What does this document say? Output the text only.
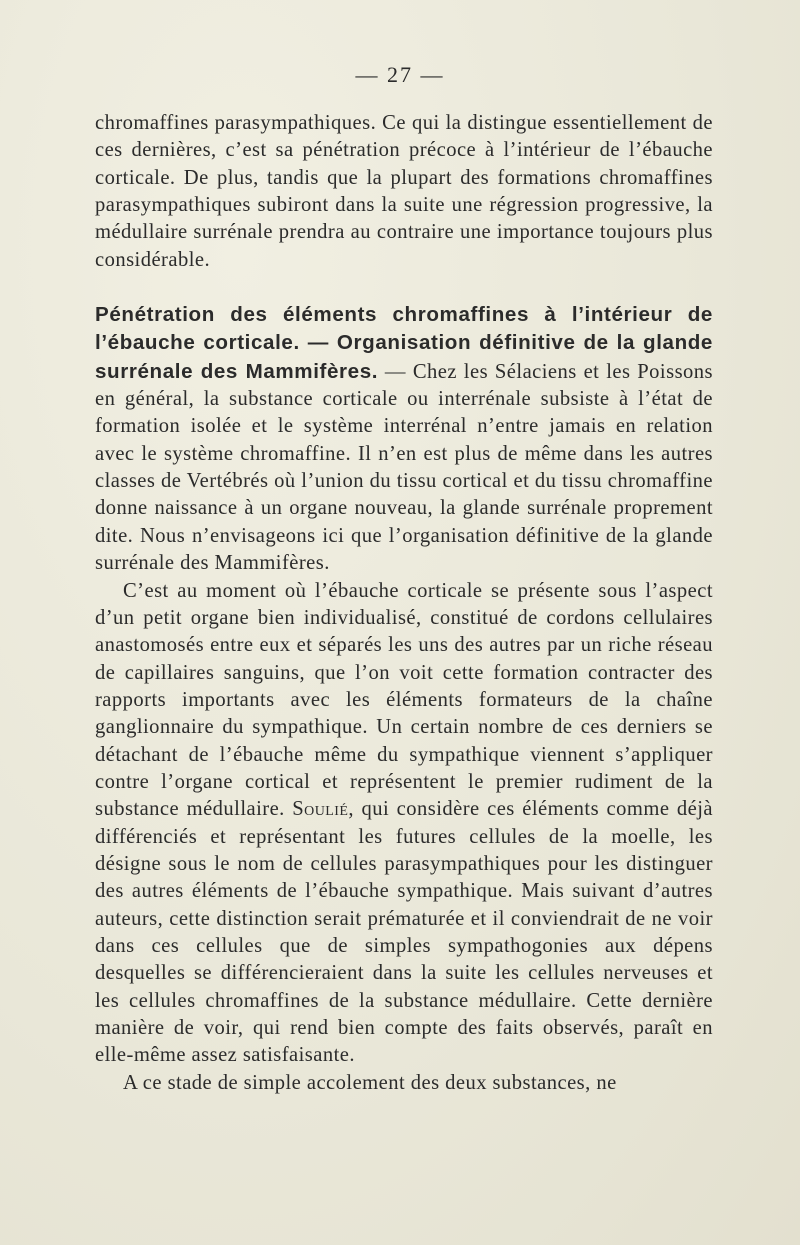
— 27 —

chromaffines parasympathiques. Ce qui la distingue essentiellement de ces dernières, c’est sa pénétration précoce à l’intérieur de l’ébauche corticale. De plus, tandis que la plupart des formations chromaffines parasympathiques subiront dans la suite une régression progressive, la médullaire surrénale prendra au contraire une importance toujours plus considérable.

Pénétration des éléments chromaffines à l’intérieur de l’ébauche corticale. — Organisation définitive de la glande surrénale des Mammifères. — Chez les Sélaciens et les Poissons en général, la substance corticale ou interrénale subsiste à l’état de formation isolée et le système interrénal n’entre jamais en relation avec le système chromaffine. Il n’en est plus de même dans les autres classes de Vertébrés où l’union du tissu cortical et du tissu chromaffine donne naissance à un organe nouveau, la glande surrénale proprement dite. Nous n’envisageons ici que l’organisation définitive de la glande surrénale des Mammifères.

C’est au moment où l’ébauche corticale se présente sous l’aspect d’un petit organe bien individualisé, constitué de cordons cellulaires anastomosés entre eux et séparés les uns des autres par un riche réseau de capillaires sanguins, que l’on voit cette formation contracter des rapports importants avec les éléments formateurs de la chaîne ganglionnaire du sympathique. Un certain nombre de ces derniers se détachant de l’ébauche même du sympathique viennent s’appliquer contre l’organe cortical et représentent le premier rudiment de la substance médullaire. Soulié, qui considère ces éléments comme déjà différenciés et représentant les futures cellules de la moelle, les désigne sous le nom de cellules parasympathiques pour les distinguer des autres éléments de l’ébauche sympathique. Mais suivant d’autres auteurs, cette distinction serait prématurée et il conviendrait de ne voir dans ces cellules que de simples sympathogonies aux dépens desquelles se différencieraient dans la suite les cellules nerveuses et les cellules chromaffines de la substance médullaire. Cette dernière manière de voir, qui rend bien compte des faits observés, paraît en elle-même assez satisfaisante.

A ce stade de simple accolement des deux substances, ne
